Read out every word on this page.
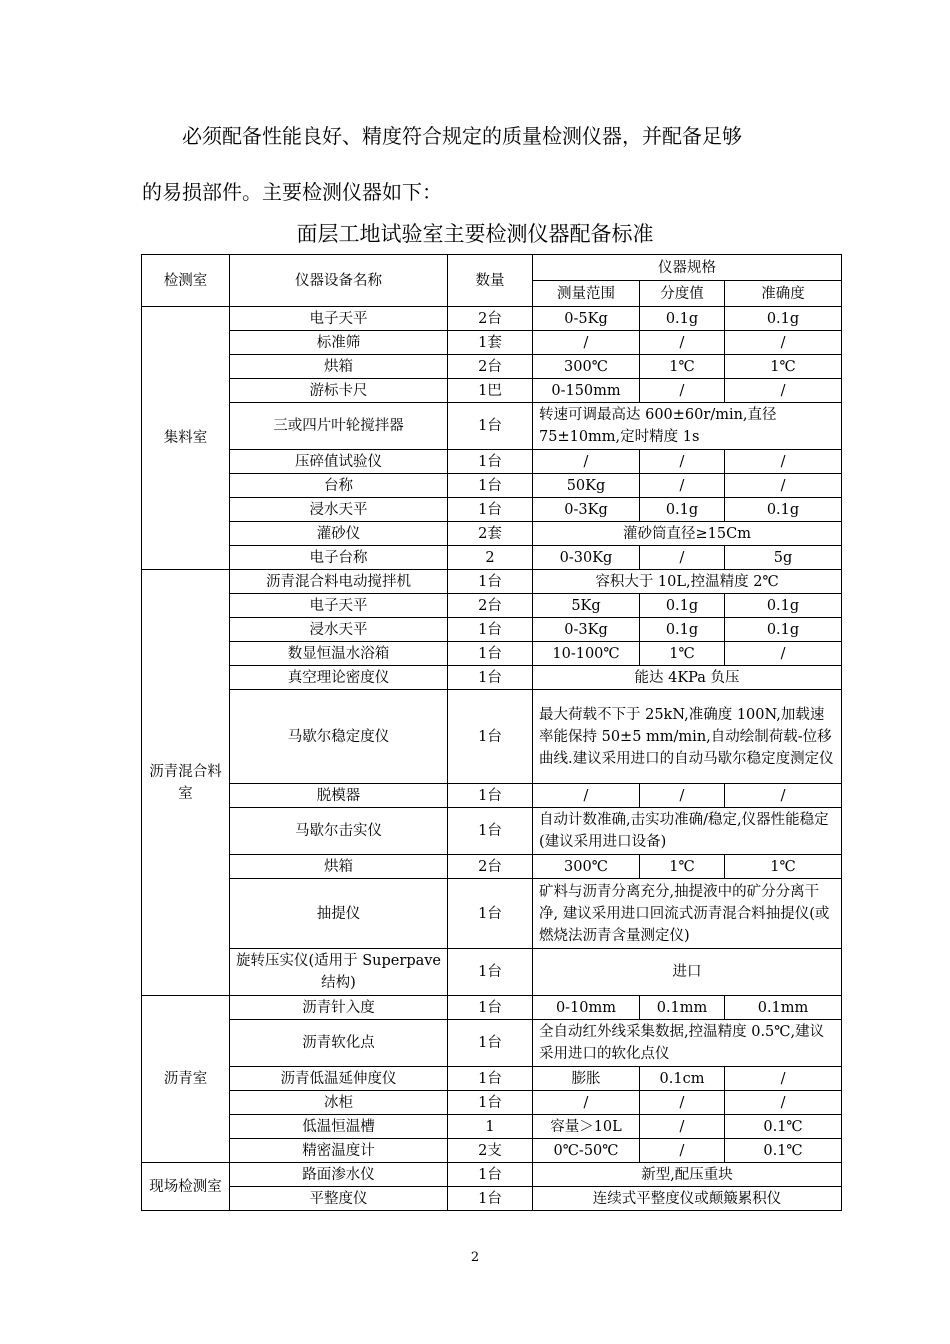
必须配备性能良好、精度符合规定的质量检测仪器，并配备足够
的易损部件。主要检测仪器如下：
面层工地试验室主要检测仪器配备标准
检测室	仪器设备名称	数量	仪器规格		
			测量范围	分度值	准确度
集料室	电子天平	2台	0-5Kg	0.1g	0.1g
	标准筛	1套	/	/	/
	烘箱	2台	300℃	1℃	1℃
	游标卡尺	1巴	0-150mm	/	/
	三或四片叶轮搅拌器	1台	转速可调最高达 600±60r/min,直径 75±10mm,定时精度 1s		
	压碎值试验仪	1台	/	/	/
	台称	1台	50Kg	/	/
	浸水天平	1台	0-3Kg	0.1g	0.1g
	灌砂仪	2套	灌砂筒直径≥15Cm		
	电子台称	2	0-30Kg	/	5g
沥青混合料室	沥青混合料电动搅拌机	1台	容积大于 10L,控温精度 2℃		
	电子天平	2台	5Kg	0.1g	0.1g
	浸水天平	1台	0-3Kg	0.1g	0.1g
	数显恒温水浴箱	1台	10-100℃	1℃	/
	真空理论密度仪	1台	能达 4KPa 负压		
	马歇尔稳定度仪	1台	最大荷载不下于 25kN,准确度 100N,加载速率能保持 50±5 mm/min,自动绘制荷载-位移曲线.建议采用进口的自动马歇尔稳定度测定仪		
	脱模器	1台	/	/	/
	马歇尔击实仪	1台	自动计数准确,击实功准确/稳定,仪器性能稳定(建议采用进口设备)		
	烘箱	2台	300℃	1℃	1℃
	抽提仪	1台	矿料与沥青分离充分,抽提液中的矿分分离干净, 建议采用进口回流式沥青混合料抽提仪(或燃烧法沥青含量测定仪)		
	旋转压实仪(适用于 Superpave 结构)	1台	进口		
沥青室	沥青针入度	1台	0-10mm	0.1mm	0.1mm
	沥青软化点	1台	全自动红外线采集数据,控温精度 0.5℃,建议采用进口的软化点仪		
	沥青低温延伸度仪	1台	膨胀	0.1cm	/
	冰柜	1台	/	/	/
	低温恒温槽	1	容量＞10L	/	0.1℃
	精密温度计	2支	0℃-50℃	/	0.1℃
现场检测室	路面渗水仪	1台	新型,配压重块		
	平整度仪	1台	连续式平整度仪或颠簸累积仪		
2
